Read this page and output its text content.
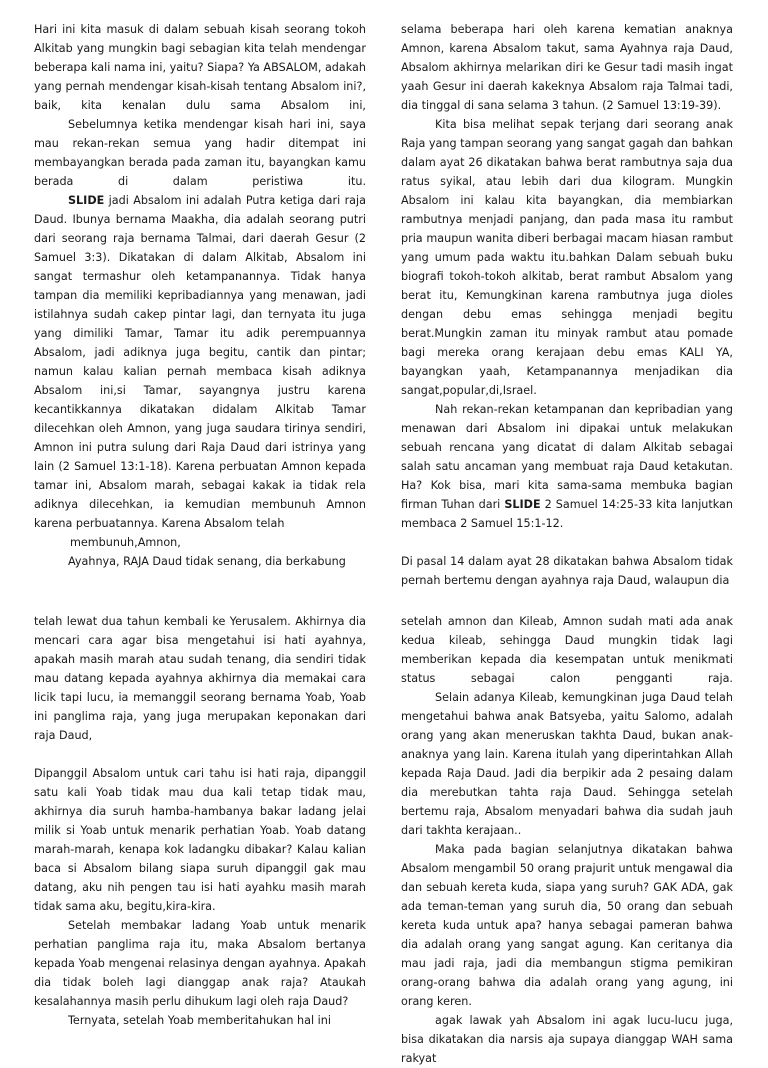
Hari ini kita masuk di dalam sebuah kisah seorang tokoh Alkitab yang mungkin bagi sebagian kita telah mendengar beberapa kali nama ini, yaitu? Siapa? Ya ABSALOM, adakah yang pernah mendengar kisah-kisah tentang Absalom ini?, baik, kita kenalan dulu sama Absalom ini,

Sebelumnya ketika mendengar kisah hari ini, saya mau rekan-rekan semua yang hadir ditempat ini membayangkan berada pada zaman itu, bayangkan kamu berada di dalam peristiwa itu.

SLIDE jadi Absalom ini adalah Putra ketiga dari raja Daud. Ibunya bernama Maakha, dia adalah seorang putri dari seorang raja bernama Talmai, dari daerah Gesur (2 Samuel 3:3). Dikatakan di dalam Alkitab, Absalom ini sangat termashur oleh ketampanannya. Tidak hanya tampan dia memiliki kepribadiannya yang menawan, jadi istilahnya sudah cakep pintar lagi, dan ternyata itu juga yang dimiliki Tamar, Tamar itu adik perempuannya Absalom, jadi adiknya juga begitu, cantik dan pintar; namun kalau kalian pernah membaca kisah adiknya Absalom ini,si Tamar, sayangnya justru karena kecantikkannya dikatakan didalam Alkitab Tamar dilecehkan oleh Amnon, yang juga saudara tirinya sendiri, Amnon ini putra sulung dari Raja Daud dari istrinya yang lain (2 Samuel 13:1-18). Karena perbuatan Amnon kepada tamar ini, Absalom marah, sebagai kakak ia tidak rela adiknya dilecehkan, ia kemudian membunuh Amnon karena perbuatannya. Karena Absalom telah

membunuh,Amnon,

Ayahnya, RAJA Daud tidak senang, dia berkabung

selama beberapa hari oleh karena kematian anaknya Amnon, karena Absalom takut, sama Ayahnya raja Daud, Absalom akhirnya melarikan diri ke Gesur tadi masih ingat yaah Gesur ini daerah kakeknya Absalom raja Talmai tadi, dia tinggal di sana selama 3 tahun. (2 Samuel 13:19-39).

Kita bisa melihat sepak terjang dari seorang anak Raja yang tampan seorang yang sangat gagah dan bahkan dalam ayat 26 dikatakan bahwa berat rambutnya saja dua ratus syikal, atau lebih dari dua kilogram. Mungkin Absalom ini kalau kita bayangkan, dia membiarkan rambutnya menjadi panjang, dan pada masa itu rambut pria maupun wanita diberi berbagai macam hiasan rambut yang umum pada waktu itu.bahkan Dalam sebuah buku biografi tokoh-tokoh alkitab, berat rambut Absalom yang berat itu, Kemungkinan karena rambutnya juga dioles dengan debu emas sehingga menjadi begitu berat.Mungkin zaman itu minyak rambut atau pomade bagi mereka orang kerajaan debu emas KALI YA, bayangkan yaah, Ketampanannya menjadikan dia sangat,popular,di,Israel.

Nah rekan-rekan ketampanan dan kepribadian yang menawan dari Absalom ini dipakai untuk melakukan sebuah rencana yang dicatat di dalam Alkitab sebagai salah satu ancaman yang membuat raja Daud ketakutan. Ha? Kok bisa, mari kita sama-sama membuka bagian firman Tuhan dari SLIDE 2 Samuel 14:25-33 kita lanjutkan membaca 2 Samuel 15:1-12.

Di pasal 14 dalam ayat 28 dikatakan bahwa Absalom tidak pernah bertemu dengan ayahnya raja Daud, walaupun dia

telah lewat dua tahun kembali ke Yerusalem. Akhirnya dia mencari cara agar bisa mengetahui isi hati ayahnya, apakah masih marah atau sudah tenang, dia sendiri tidak mau datang kepada ayahnya akhirnya dia memakai cara licik tapi lucu, ia memanggil seorang bernama Yoab, Yoab ini panglima raja, yang juga merupakan keponakan dari raja Daud,

Dipanggil Absalom untuk cari tahu isi hati raja, dipanggil satu kali Yoab tidak mau dua kali tetap tidak mau, akhirnya dia suruh hamba-hambanya bakar ladang jelai milik si Yoab untuk menarik perhatian Yoab. Yoab datang marah-marah, kenapa kok ladangku dibakar? Kalau kalian baca si Absalom bilang siapa suruh dipanggil gak mau datang, aku nih pengen tau isi hati ayahku masih marah tidak sama aku, begitu,kira-kira.

Setelah membakar ladang Yoab untuk menarik perhatian panglima raja itu, maka Absalom bertanya kepada Yoab mengenai relasinya dengan ayahnya. Apakah dia tidak boleh lagi dianggap anak raja? Ataukah kesalahannya masih perlu dihukum lagi oleh raja Daud?

Ternyata, setelah Yoab memberitahukan hal ini

setelah amnon dan Kileab, Amnon sudah mati ada anak kedua kileab, sehingga Daud mungkin tidak lagi memberikan kepada dia kesempatan untuk menikmati status sebagai calon pengganti raja.

Selain adanya Kileab, kemungkinan juga Daud telah mengetahui bahwa anak Batsyeba, yaitu Salomo, adalah orang yang akan meneruskan takhta Daud, bukan anak-anaknya yang lain. Karena itulah yang diperintahkan Allah kepada Raja Daud. Jadi dia berpikir ada 2 pesaing dalam dia merebutkan tahta raja Daud. Sehingga setelah bertemu raja, Absalom menyadari bahwa dia sudah jauh dari takhta kerajaan..

Maka pada bagian selanjutnya dikatakan bahwa Absalom mengambil 50 orang prajurit untuk mengawal dia dan sebuah kereta kuda, siapa yang suruh? GAK ADA, gak ada teman-teman yang suruh dia, 50 orang dan sebuah kereta kuda untuk apa? hanya sebagai pameran bahwa dia adalah orang yang sangat agung. Kan ceritanya dia mau jadi raja, jadi dia membangun stigma pemikiran orang-orang bahwa dia adalah orang yang agung, ini orang keren.

agak lawak yah Absalom ini agak lucu-lucu juga, bisa dikatakan dia narsis aja supaya dianggap WAH sama rakyat
